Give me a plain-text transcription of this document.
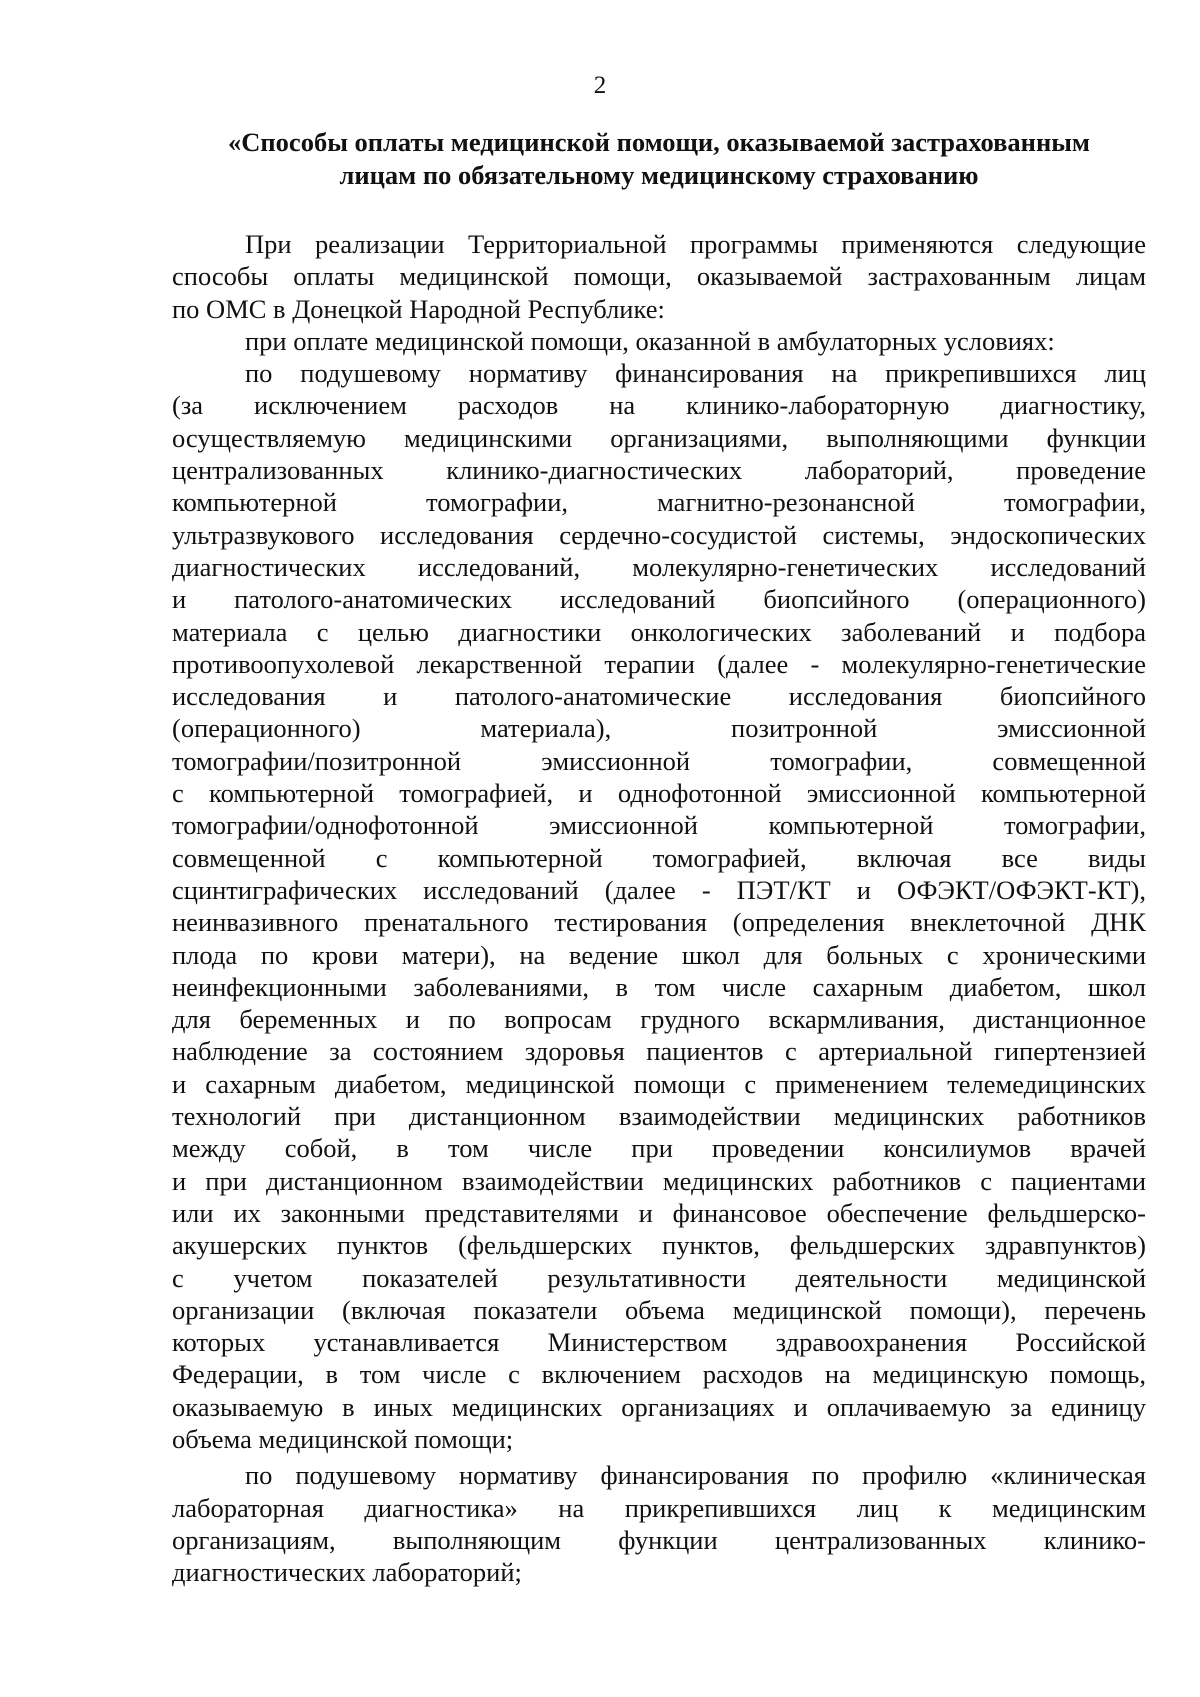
2
«Способы оплаты медицинской помощи, оказываемой застрахованным
лицам по обязательному медицинскому страхованию
При реализации Территориальной программы применяются следующие
способы оплаты медицинской помощи, оказываемой застрахованным лицам
по ОМС в Донецкой Народной Республике:
при оплате медицинской помощи, оказанной в амбулаторных условиях:
по подушевому нормативу финансирования на прикрепившихся лиц
(за исключением расходов на клинико-лабораторную диагностику,
осуществляемую медицинскими организациями, выполняющими функции
централизованных клинико-диагностических лабораторий, проведение
компьютерной томографии, магнитно-резонансной томографии,
ультразвукового исследования сердечно-сосудистой системы, эндоскопических
диагностических исследований, молекулярно-генетических исследований
и патолого-анатомических исследований биопсийного (операционного)
материала с целью диагностики онкологических заболеваний и подбора
противоопухолевой лекарственной терапии (далее - молекулярно-генетические
исследования и патолого-анатомические исследования биопсийного
(операционного) материала), позитронной эмиссионной
томографии/позитронной эмиссионной томографии, совмещенной
с компьютерной томографией, и однофотонной эмиссионной компьютерной
томографии/однофотонной эмиссионной компьютерной томографии,
совмещенной с компьютерной томографией, включая все виды
сцинтиграфических исследований (далее - ПЭТ/КТ и ОФЭКТ/ОФЭКТ-КТ),
неинвазивного пренатального тестирования (определения внеклеточной ДНК
плода по крови матери), на ведение школ для больных с хроническими
неинфекционными заболеваниями, в том числе сахарным диабетом, школ
для беременных и по вопросам грудного вскармливания, дистанционное
наблюдение за состоянием здоровья пациентов с артериальной гипертензией
и сахарным диабетом, медицинской помощи с применением телемедицинских
технологий при дистанционном взаимодействии медицинских работников
между собой, в том числе при проведении консилиумов врачей
и при дистанционном взаимодействии медицинских работников с пациентами
или их законными представителями и финансовое обеспечение фельдшерско-
акушерских пунктов (фельдшерских пунктов, фельдшерских здравпунктов)
с учетом показателей результативности деятельности медицинской
организации (включая показатели объема медицинской помощи), перечень
которых устанавливается Министерством здравоохранения Российской
Федерации, в том числе с включением расходов на медицинскую помощь,
оказываемую в иных медицинских организациях и оплачиваемую за единицу
объема медицинской помощи;
по подушевому нормативу финансирования по профилю «клиническая
лабораторная диагностика» на прикрепившихся лиц к медицинским
организациям, выполняющим функции централизованных клинико-
диагностических лабораторий;
